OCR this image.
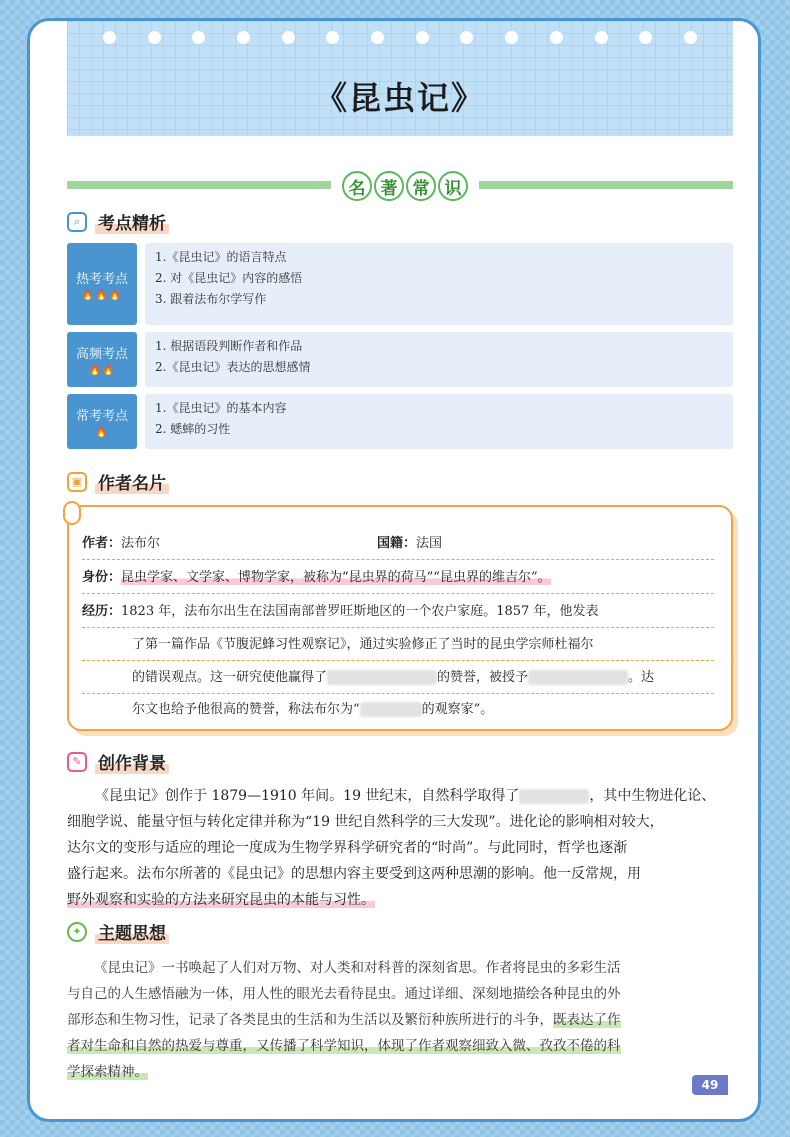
《昆虫记》
名 著 常 识
⌕	考点精析
热考考点
🔥🔥🔥
1.《昆虫记》的语言特点
2. 对《昆虫记》内容的感悟
3. 跟着法布尔学写作
高频考点
🔥🔥
1. 根据语段判断作者和作品
2.《昆虫记》表达的思想感情
常考考点
🔥
1.《昆虫记》的基本内容
2. 蟋蟀的习性
▣ 作者名片
作者：法布尔	国籍：法国
身份：昆虫学家、文学家、博物学家，被称为“昆虫界的荷马”“昆虫界的维吉尔”。
经历：1823 年，法布尔出生在法国南部普罗旺斯地区的一个农户家庭。1857 年，他发表
了第一篇作品《节腹泥蜂习性观察记》，通过实验修正了当时的昆虫学宗师杜福尔
的错误观点。这一研究使他赢得了	的赞誉，被授予	。达
尔文也给予他很高的赞誉，称法布尔为“	的观察家”。
✎ 创作背景
《昆虫记》创作于 1879—1910 年间。19 世纪末，自然科学取得了	，其中生物进化论、
细胞学说、能量守恒与转化定律并称为“19 世纪自然科学的三大发现”。进化论的影响相对较大，
达尔文的变形与适应的理论一度成为生物学界科学研究者的“时尚”。与此同时，哲学也逐渐
盛行起来。法布尔所著的《昆虫记》的思想内容主要受到这两种思潮的影响。他一反常规，用
野外观察和实验的方法来研究昆虫的本能与习性。
✦ 主题思想
《昆虫记》一书唤起了人们对万物、对人类和对科普的深刻省思。作者将昆虫的多彩生活
与自己的人生感悟融为一体，用人性的眼光去看待昆虫。通过详细、深刻地描绘各种昆虫的外
部形态和生物习性，记录了各类昆虫的生活和为生活以及繁衍种族所进行的斗争，既表达了作
者对生命和自然的热爱与尊重，又传播了科学知识，体现了作者观察细致入微、孜孜不倦的科
学探索精神。
49
